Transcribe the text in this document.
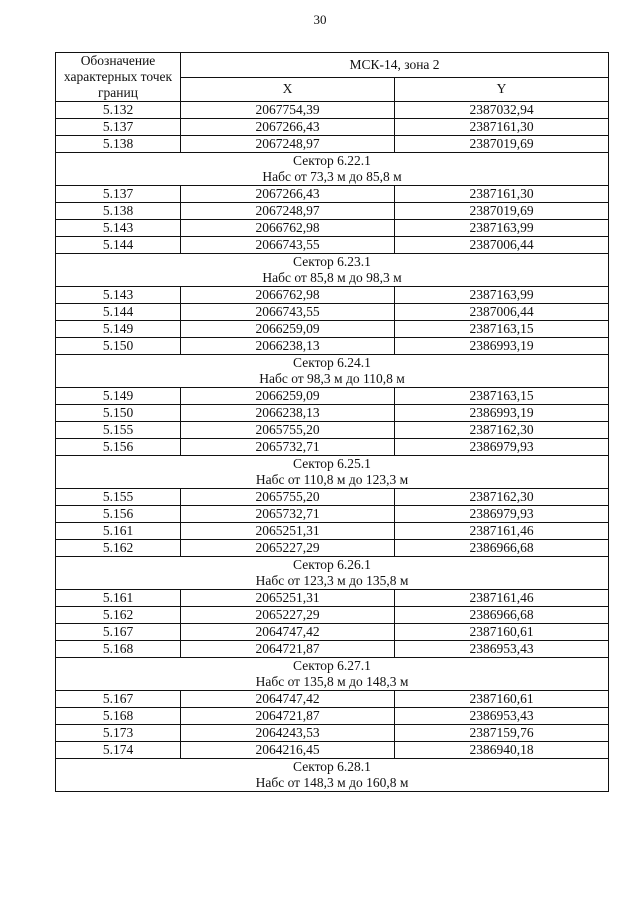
30
Обозначение характерных точек границ	МСК-14, зона 2	
	X	Y
5.132	2067754,39	2387032,94
5.137	2067266,43	2387161,30
5.138	2067248,97	2387019,69

Сектор 6.22.1
Набс от 73,3 м до 85,8 м		

5.137	2067266,43	2387161,30
5.138	2067248,97	2387019,69
5.143	2066762,98	2387163,99
5.144	2066743,55	2387006,44

Сектор 6.23.1
Набс от 85,8 м до 98,3 м		

5.143	2066762,98	2387163,99
5.144	2066743,55	2387006,44
5.149	2066259,09	2387163,15
5.150	2066238,13	2386993,19

Сектор 6.24.1
Набс от 98,3 м до 110,8 м		

5.149	2066259,09	2387163,15
5.150	2066238,13	2386993,19
5.155	2065755,20	2387162,30
5.156	2065732,71	2386979,93

Сектор 6.25.1
Набс от 110,8 м до 123,3 м		

5.155	2065755,20	2387162,30
5.156	2065732,71	2386979,93
5.161	2065251,31	2387161,46
5.162	2065227,29	2386966,68

Сектор 6.26.1
Набс от 123,3 м до 135,8 м		

5.161	2065251,31	2387161,46
5.162	2065227,29	2386966,68
5.167	2064747,42	2387160,61
5.168	2064721,87	2386953,43

Сектор 6.27.1
Набс от 135,8 м до 148,3 м		

5.167	2064747,42	2387160,61
5.168	2064721,87	2386953,43
5.173	2064243,53	2387159,76
5.174	2064216,45	2386940,18

Сектор 6.28.1
Набс от 148,3 м до 160,8 м		
